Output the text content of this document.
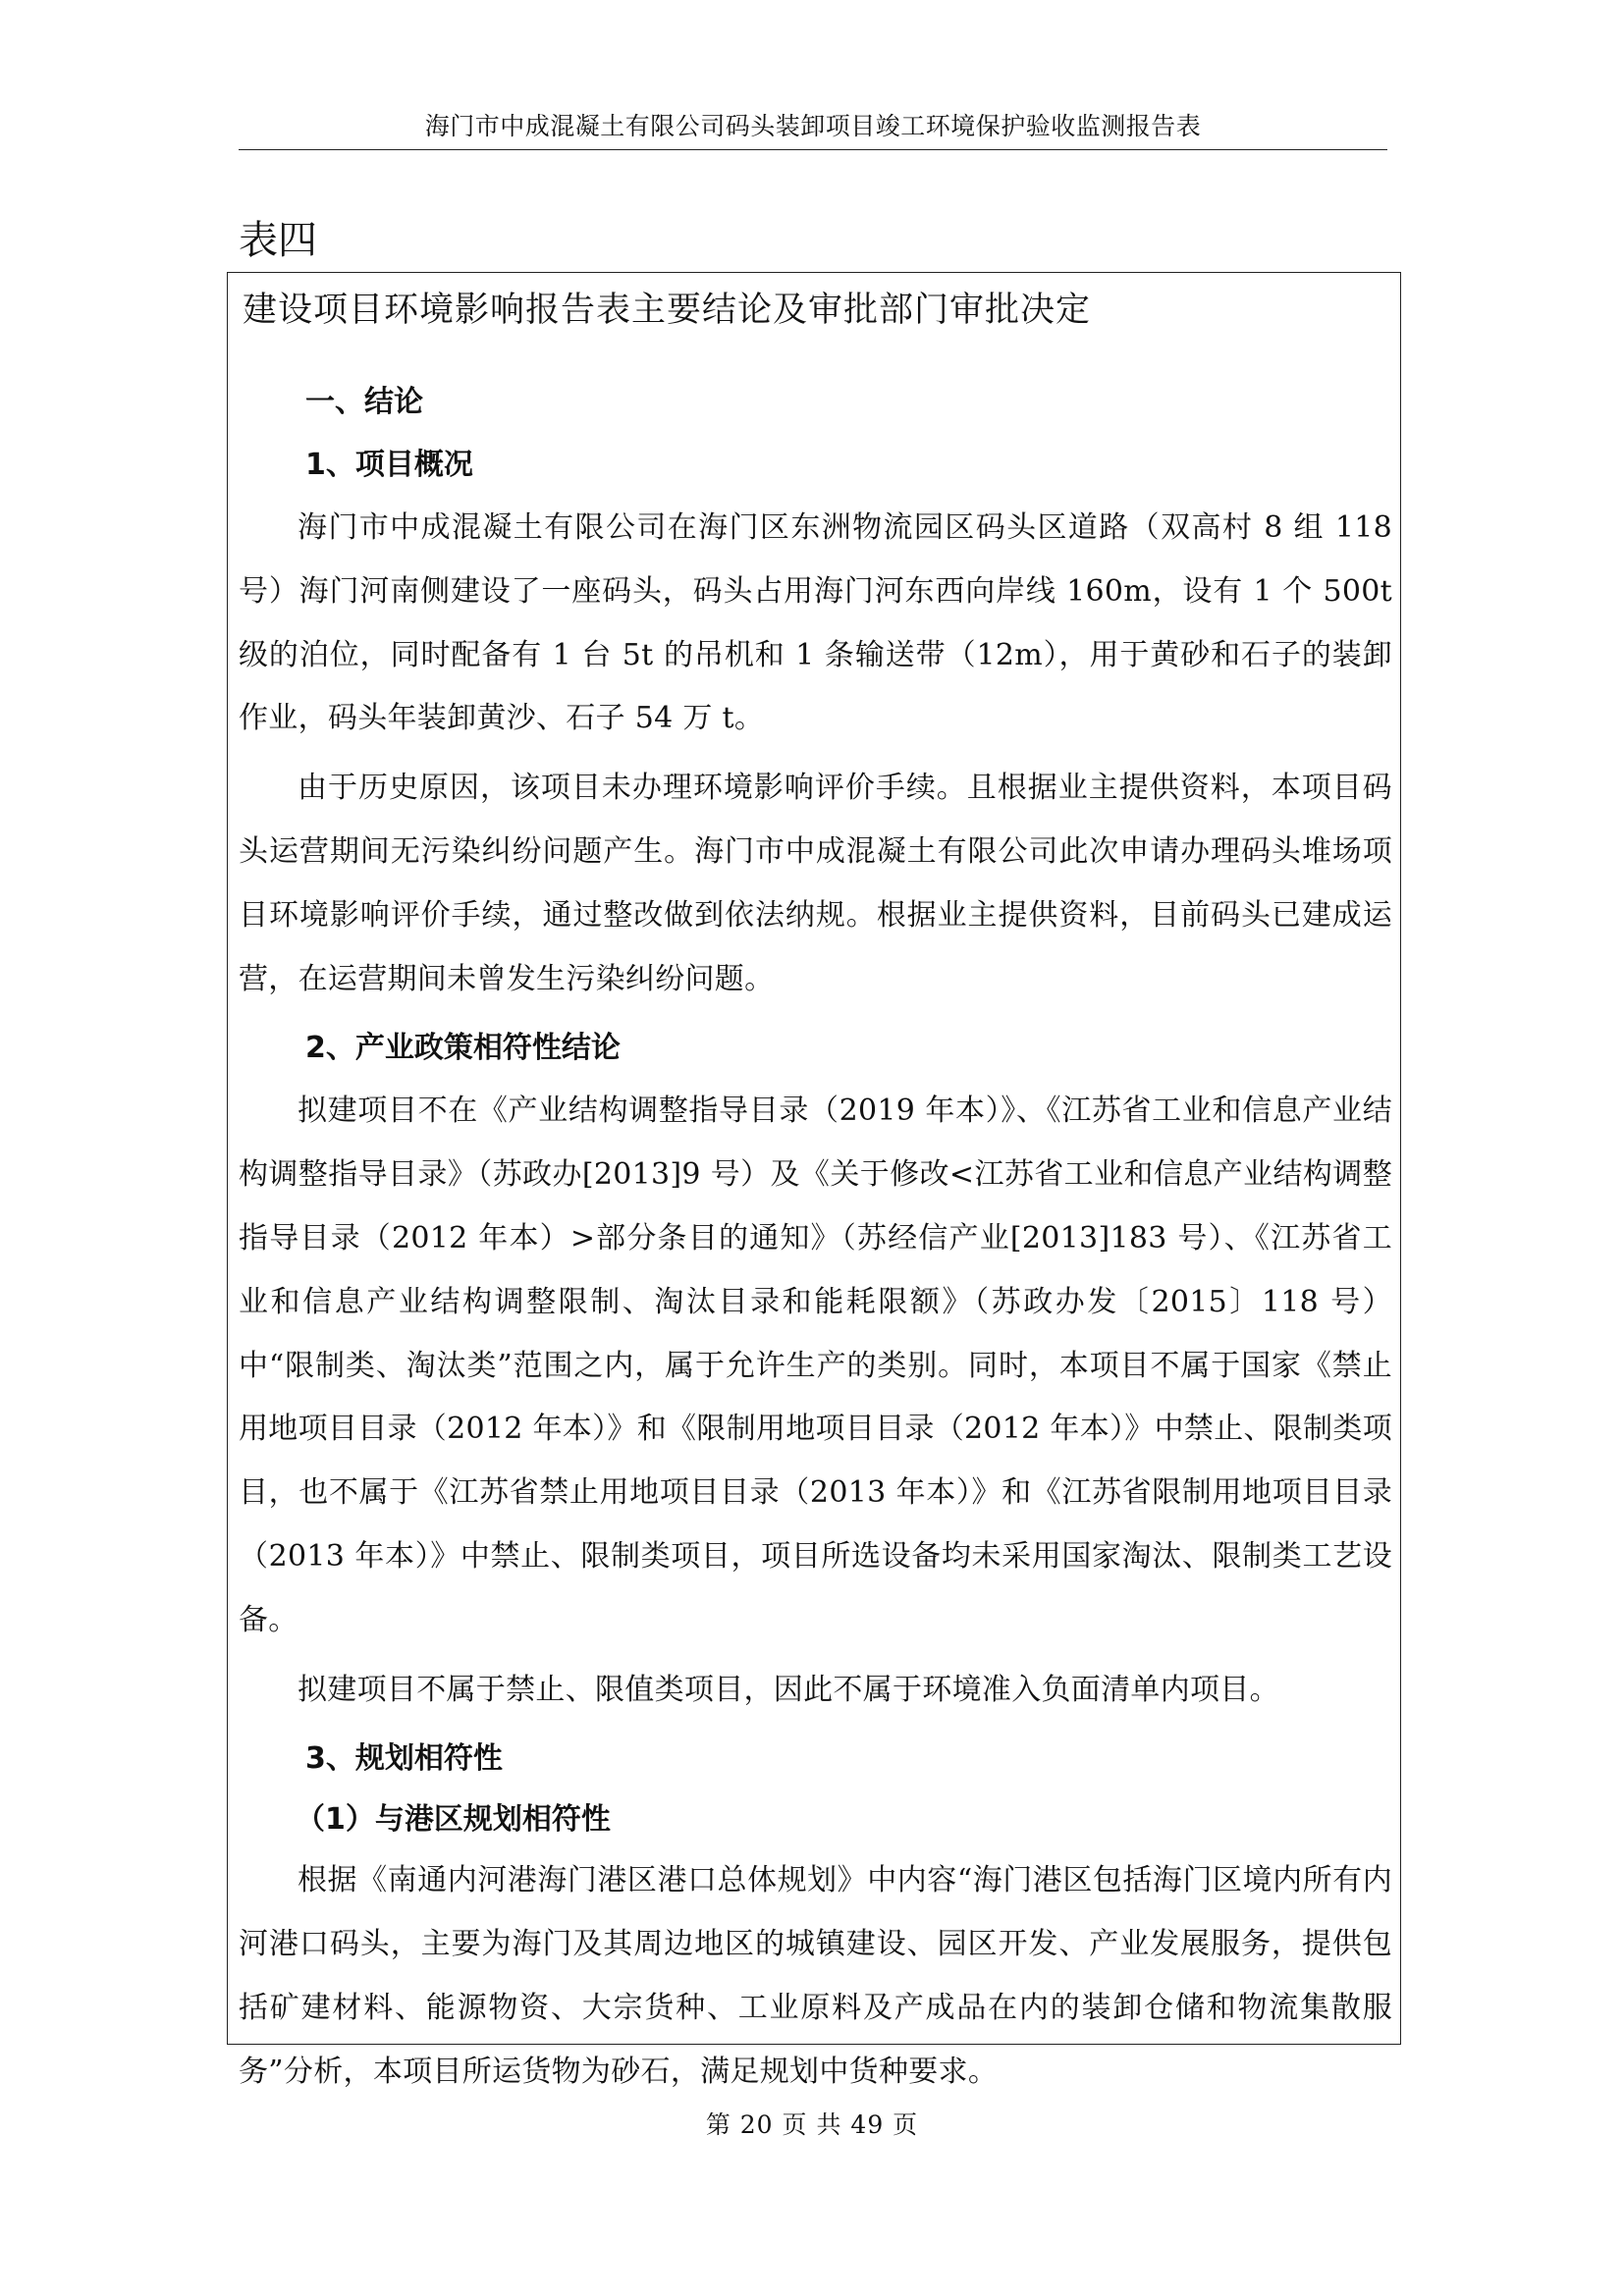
海门市中成混凝土有限公司码头装卸项目竣工环境保护验收监测报告表
表四
建设项目环境影响报告表主要结论及审批部门审批决定
一、结论
1、项目概况

海门市中成混凝土有限公司在海门区东洲物流园区码头区道路（双高村 8 组 118 号）海门河南侧建设了一座码头，码头占用海门河东西向岸线 160m，设有 1 个 500t 级的泊位，同时配备有 1 台 5t 的吊机和 1 条输送带（12m），用于黄砂和石子的装卸作业，码头年装卸黄沙、石子 54 万 t。

由于历史原因，该项目未办理环境影响评价手续。且根据业主提供资料，本项目码头运营期间无污染纠纷问题产生。海门市中成混凝土有限公司此次申请办理码头堆场项目环境影响评价手续，通过整改做到依法纳规。根据业主提供资料，目前码头已建成运营，在运营期间未曾发生污染纠纷问题。

2、产业政策相符性结论

拟建项目不在《产业结构调整指导目录（2019 年本）》、《江苏省工业和信息产业结构调整指导目录》（苏政办[2013]9 号）及《关于修改<江苏省工业和信息产业结构调整指导目录（2012 年本）>部分条目的通知》（苏经信产业[2013]183 号）、《江苏省工业和信息产业结构调整限制、淘汰目录和能耗限额》（苏政办发〔2015〕118 号）中“限制类、淘汰类”范围之内，属于允许生产的类别。同时，本项目不属于国家《禁止用地项目目录（2012 年本）》和《限制用地项目目录（2012 年本）》中禁止、限制类项目，也不属于《江苏省禁止用地项目目录（2013 年本）》和《江苏省限制用地项目目录（2013 年本）》中禁止、限制类项目，项目所选设备均未采用国家淘汰、限制类工艺设备。

拟建项目不属于禁止、限值类项目，因此不属于环境准入负面清单内项目。

3、规划相符性
（1）与港区规划相符性

根据《南通内河港海门港区港口总体规划》中内容“海门港区包括海门区境内所有内河港口码头，主要为海门及其周边地区的城镇建设、园区开发、产业发展服务，提供包括矿建材料、能源物资、大宗货种、工业原料及产成品在内的装卸仓储和物流集散服务”分析，本项目所运货物为砂石，满足规划中货种要求。

第 20 页 共 49 页
